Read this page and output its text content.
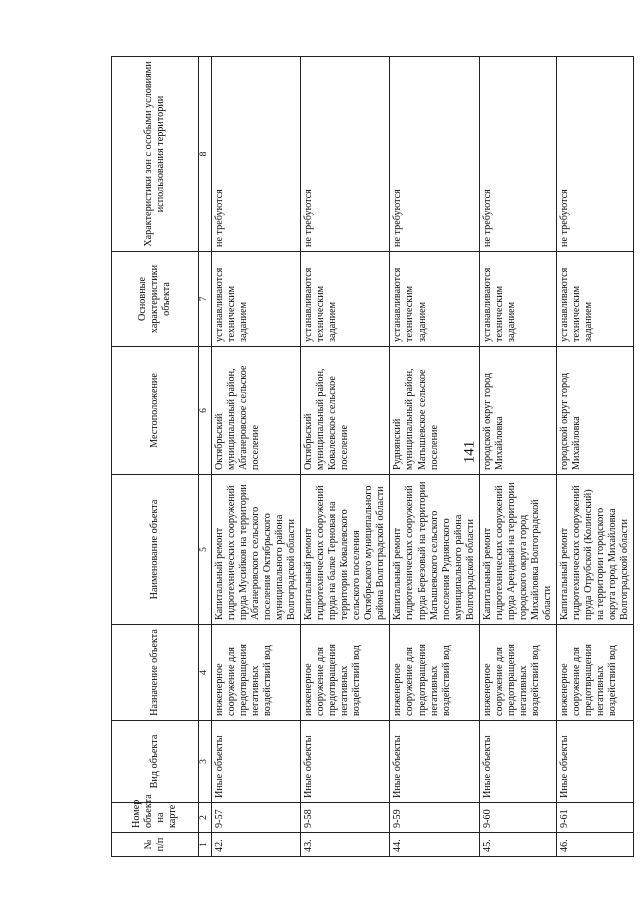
141
№ п/п	Номер объекта на карте	Вид объекта	Назначение объекта	Наименование объекта	Местоположение	Основные характеристики объекта	Характеристики зон с особыми условиями использования территории
1	2	3	4	5	6	7	8
42.	9-57	Иные объекты	инженерное сооружение для предотвращения негативных воздействий вод	Капитальный ремонт гидротехнических сооружений пруда Мусийков на территории Абганеровского сельского поселения Октябрьского муниципального района Волгоградской области	Октябрьский муниципальный район, Абганеровское сельское поселение	устанавливаются техническим заданием	не требуются
43.	9-58	Иные объекты	инженерное сооружение для предотвращения негативных воздействий вод	Капитальный ремонт гидротехнических сооружений пруда на балке Терновая на территории Ковалевского сельского поселения Октябрьского муниципального района Волгоградской области	Октябрьский муниципальный район, Ковалевское сельское поселение	устанавливаются техническим заданием	не требуются
44.	9-59	Иные объекты	инженерное сооружение для предотвращения негативных воздействий вод	Капитальный ремонт гидротехнических сооружений пруда Березовый на территории Матышевского сельского поселения Руднянского муниципального района Волгоградской области	Руднянский муниципальный район, Матышевское сельское поселение	устанавливаются техническим заданием	не требуются
45.	9-60	Иные объекты	инженерное сооружение для предотвращения негативных воздействий вод	Капитальный ремонт гидротехнических сооружений пруда Арендный на территории городского округа город Михайловка Волгоградской области	городской округ город Михайловка	устанавливаются техническим заданием	не требуются
46.	9-61	Иные объекты	инженерное сооружение для предотвращения негативных воздействий вод	Капитальный ремонт гидротехнических сооружений пруда Отрубской (Колинский) на территории городского округа город Михайловка Волгоградской области	городской округ город Михайловка	устанавливаются техническим заданием	не требуются
